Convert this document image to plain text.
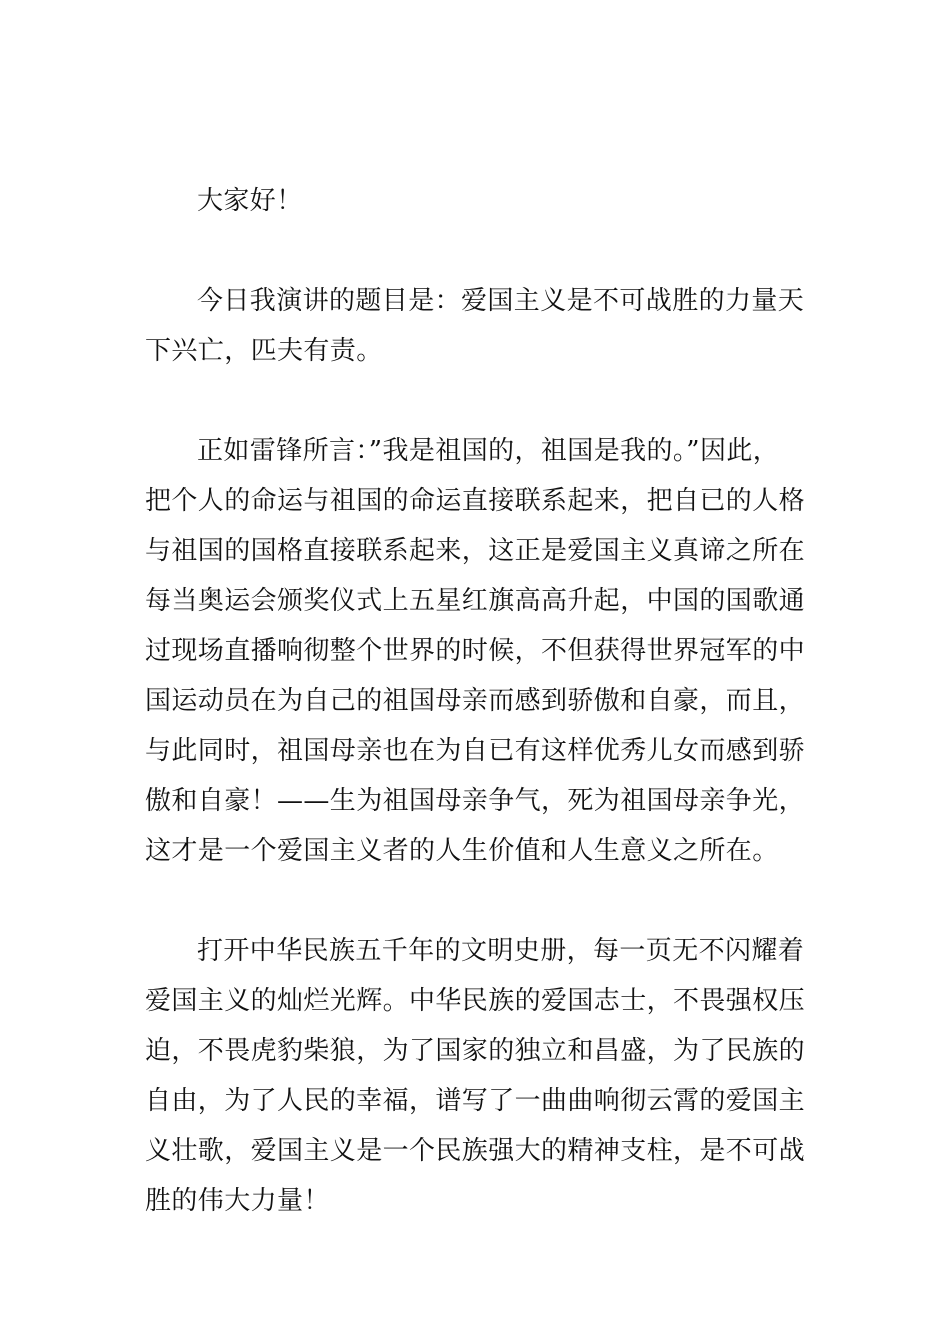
大家好！

今日我演讲的题目是：爱国主义是不可战胜的力量天

下兴亡，匹夫有责。

正如雷锋所言：”我是祖国的，祖国是我的。”因此，

把个人的命运与祖国的命运直接联系起来，把自已的人格

与祖国的国格直接联系起来，这正是爱国主义真谛之所在

每当奥运会颁奖仪式上五星红旗高高升起，中国的国歌通

过现场直播响彻整个世界的时候，不但获得世界冠军的中

国运动员在为自己的祖国母亲而感到骄傲和自豪，而且，

与此同时，祖国母亲也在为自已有这样优秀儿女而感到骄

傲和自豪！——生为祖国母亲争气，死为祖国母亲争光，

这才是一个爱国主义者的人生价值和人生意义之所在。

打开中华民族五千年的文明史册，每一页无不闪耀着

爱国主义的灿烂光辉。中华民族的爱国志士，不畏强权压

迫，不畏虎豹柴狼，为了国家的独立和昌盛，为了民族的

自由，为了人民的幸福，谱写了一曲曲响彻云霄的爱国主

义壮歌，爱国主义是一个民族强大的精神支柱，是不可战

胜的伟大力量！
